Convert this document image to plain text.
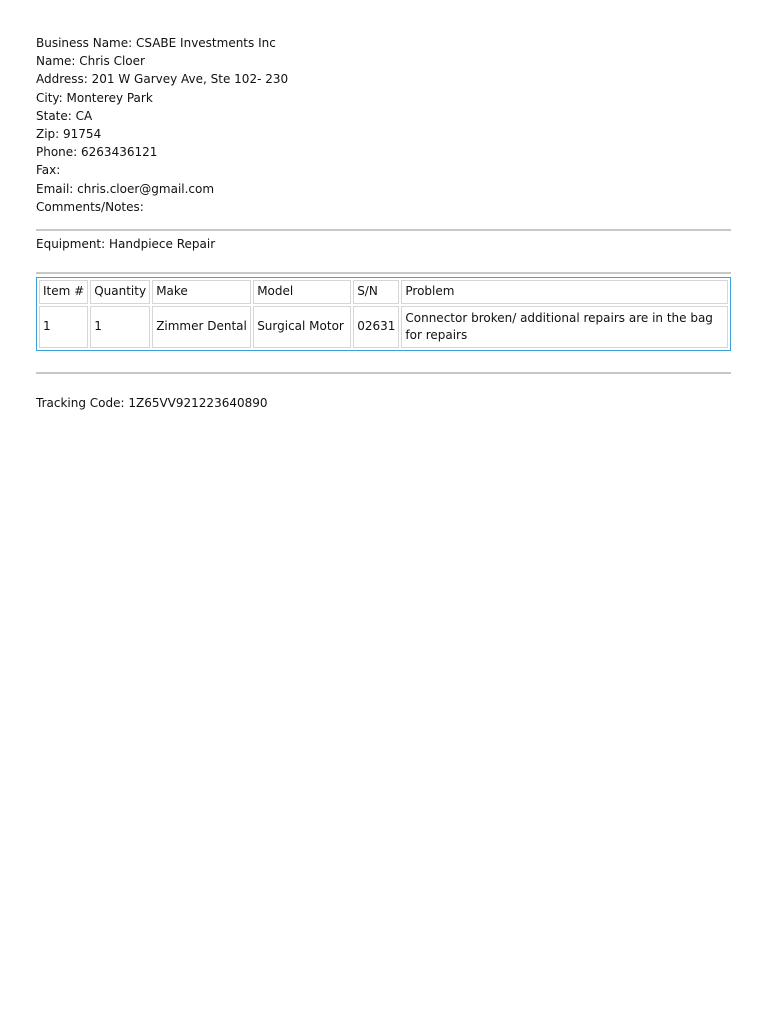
Business Name: CSABE Investments Inc
Name: Chris Cloer
Address: 201 W Garvey Ave, Ste 102- 230
City: Monterey Park
State: CA
Zip: 91754
Phone: 6263436121
Fax:
Email: chris.cloer@gmail.com
Comments/Notes:
Equipment: Handpiece Repair
Item #	Quantity	Make	Model	S/N	Problem
1	1	Zimmer Dental	Surgical Motor	02631	Connector broken/ additional repairs are in the bag for repairs
Tracking Code: 1Z65VV921223640890
